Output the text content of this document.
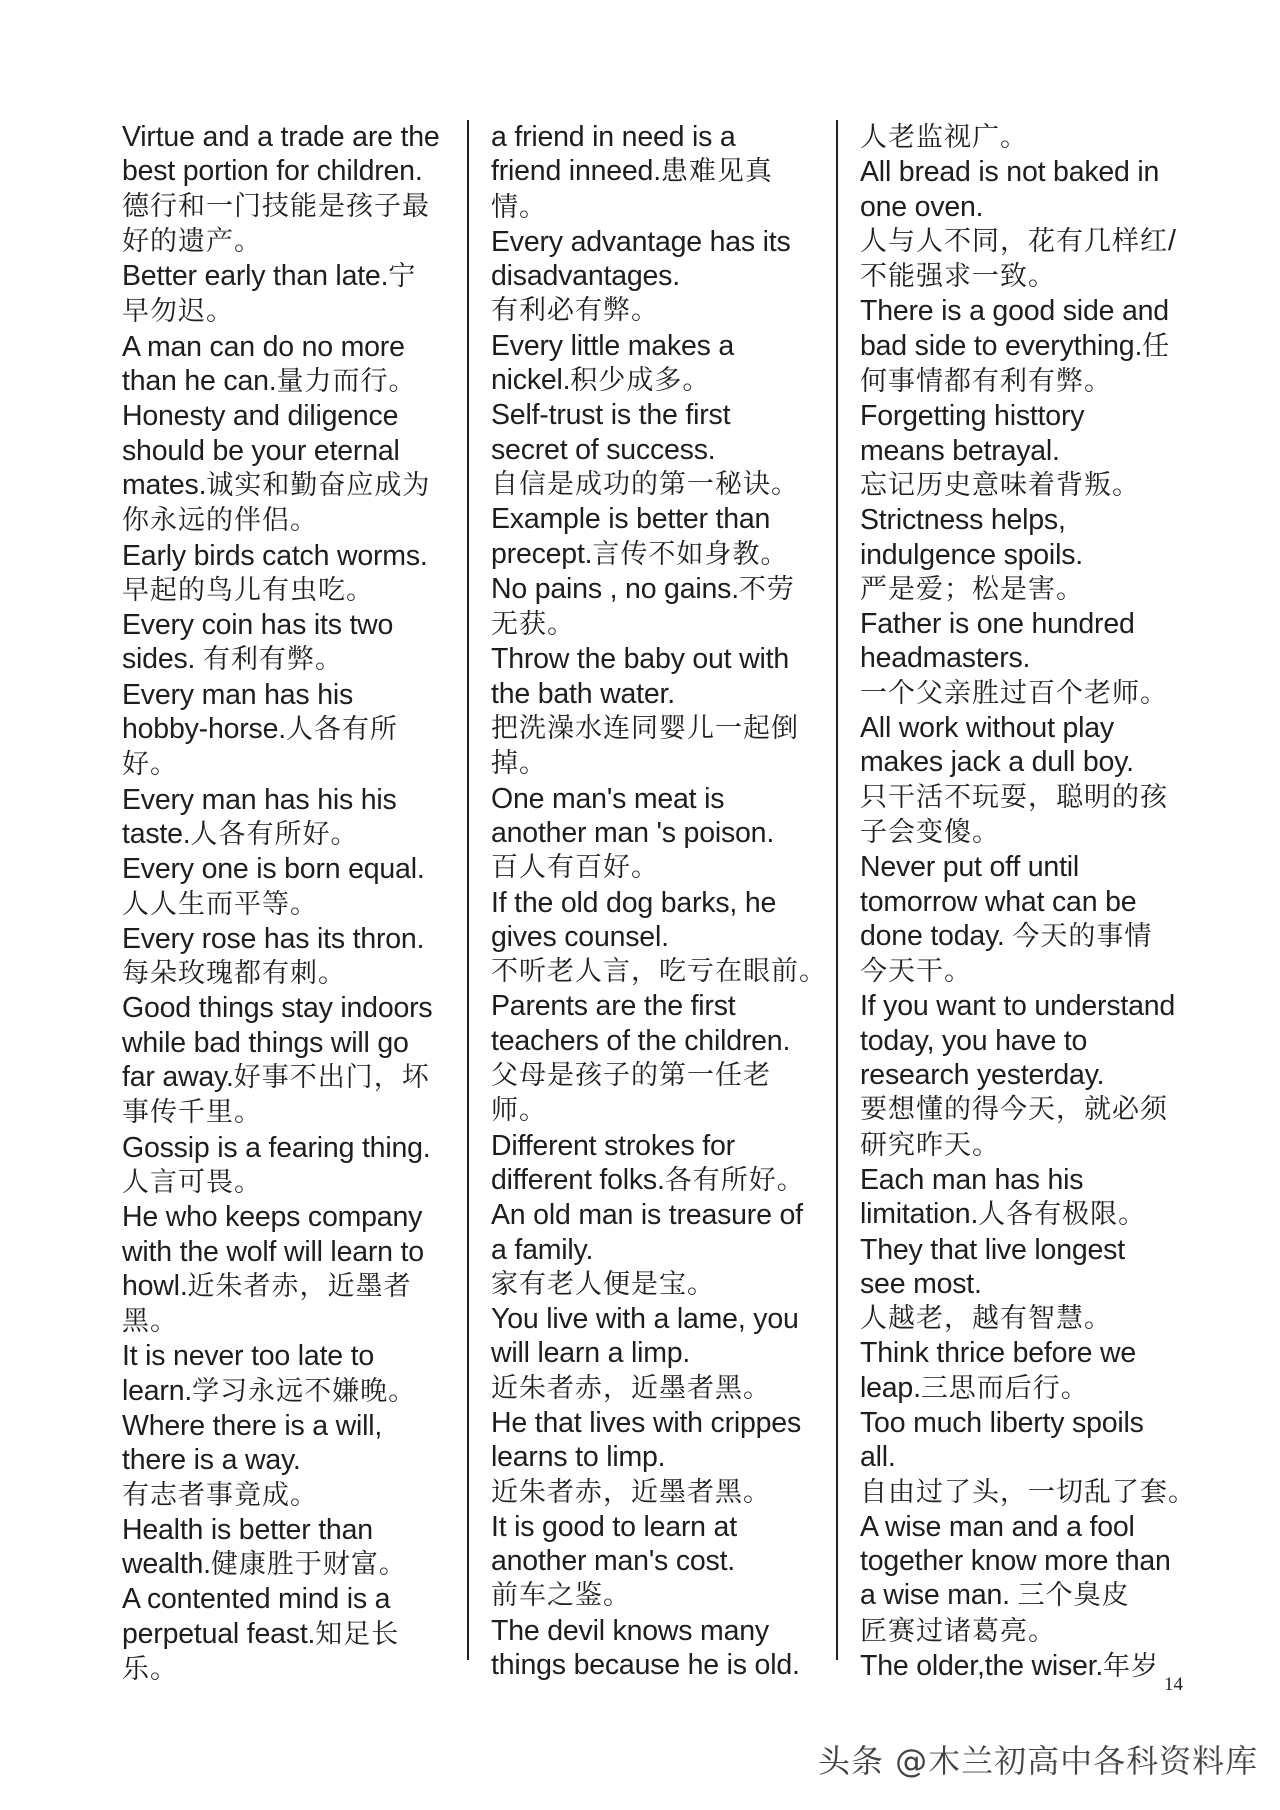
Virtue and a trade are the
best portion for children.
德行和一门技能是孩子最
好的遗产。
Better early than late.宁
早勿迟。
A man can do no more
than he can.量力而行。
Honesty and diligence
should be your eternal
mates.诚实和勤奋应成为
你永远的伴侣。
Early birds catch worms.
早起的鸟儿有虫吃。
Every coin has its two
sides. 有利有弊。
Every man has his
hobby-horse.人各有所
好。
Every man has his his
taste.人各有所好。
Every one is born equal.
人人生而平等。
Every rose has its thron.
每朵玫瑰都有刺。
Good things stay indoors
while bad things will go
far away.好事不出门，坏
事传千里。
Gossip is a fearing thing.
人言可畏。
He who keeps company
with the wolf will learn to
howl.近朱者赤，近墨者
黑。
It is never too late to
learn.学习永远不嫌晚。
Where there is a will,
there is a way.
有志者事竟成。
Health is better than
wealth.健康胜于财富。
A contented mind is a
perpetual feast.知足长
乐。
a friend in need is a
friend inneed.患难见真
情。
Every advantage has its
disadvantages.
有利必有弊。
Every little makes a
nickel.积少成多。
Self-trust is the first
secret of success.
自信是成功的第一秘诀。
Example is better than
precept.言传不如身教。
No pains , no gains.不劳
无获。
Throw the baby out with
the bath water.
把洗澡水连同婴儿一起倒
掉。
One man's meat is
another man 's poison.
百人有百好。
If the old dog barks, he
gives counsel.
不听老人言，吃亏在眼前。
Parents are the first
teachers of the children.
父母是孩子的第一任老
师。
Different strokes for
different folks.各有所好。
An old man is treasure of
a family.
家有老人便是宝。
You live with a lame, you
will learn a limp.
近朱者赤，近墨者黑。
He that lives with crippes
learns to limp.
近朱者赤，近墨者黑。
It is good to learn at
another man's cost.
前车之鉴。
The devil knows many
things because he is old.
人老监视广。
All bread is not baked in
one oven.
人与人不同，花有几样红/
不能强求一致。
There is a good side and
bad side to everything.任
何事情都有利有弊。
Forgetting histtory
means betrayal.
忘记历史意味着背叛。
Strictness helps,
indulgence spoils.
严是爱；松是害。
Father is one hundred
headmasters.
一个父亲胜过百个老师。
All work without play
makes jack a dull boy.
只干活不玩耍，聪明的孩
子会变傻。
Never put off until
tomorrow what can be
done today. 今天的事情
今天干。
If you want to understand
today, you have to
research yesterday.
要想懂的得今天，就必须
研究昨天。
Each man has his
limitation.人各有极限。
They that live longest
see most.
人越老，越有智慧。
Think thrice before we
leap.三思而后行。
Too much liberty spoils
all.
自由过了头，一切乱了套。
A wise man and a fool
together know more than
a wise man. 三个臭皮
匠赛过诸葛亮。
The older,the wiser.年岁
14
头条 @木兰初高中各科资料库
